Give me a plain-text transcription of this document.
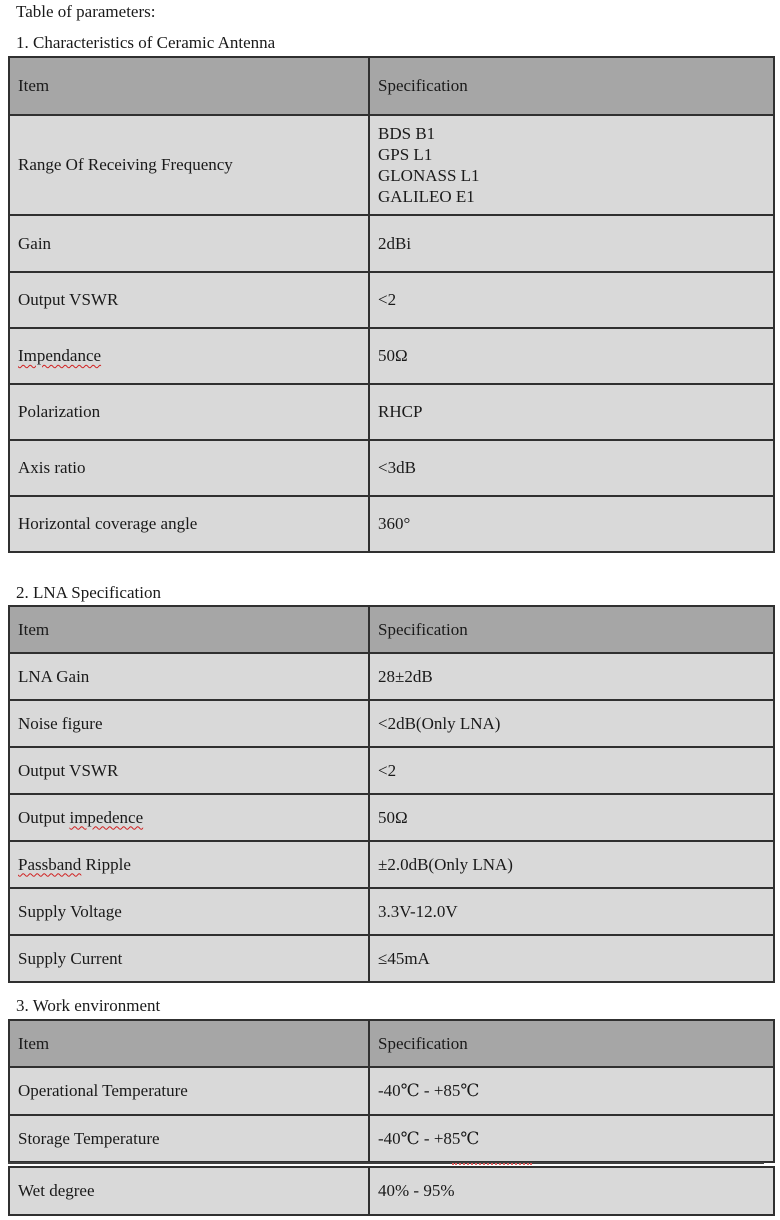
Table of parameters:
1. Characteristics of Ceramic Antenna
Item	Specification
Range Of Receiving Frequency	BDS B1
GPS L1
GLONASS L1
GALILEO E1

Gain	2dBi
Output VSWR	<2
Impendance	50Ω
Polarization	RHCP
Axis ratio	<3dB
Horizontal coverage angle	360°
2. LNA Specification
Item	Specification
LNA Gain	28±2dB
Noise figure	<2dB(Only LNA)
Output VSWR	<2
Output impedence	50Ω
Passband Ripple	±2.0dB(Only LNA)
Supply Voltage	3.3V-12.0V
Supply Current	≤45mA
3. Work environment
Item	Specification
Operational Temperature	-40℃ - +85℃
Storage Temperature	-40℃ - +85℃
Wet degree	40% - 95%
